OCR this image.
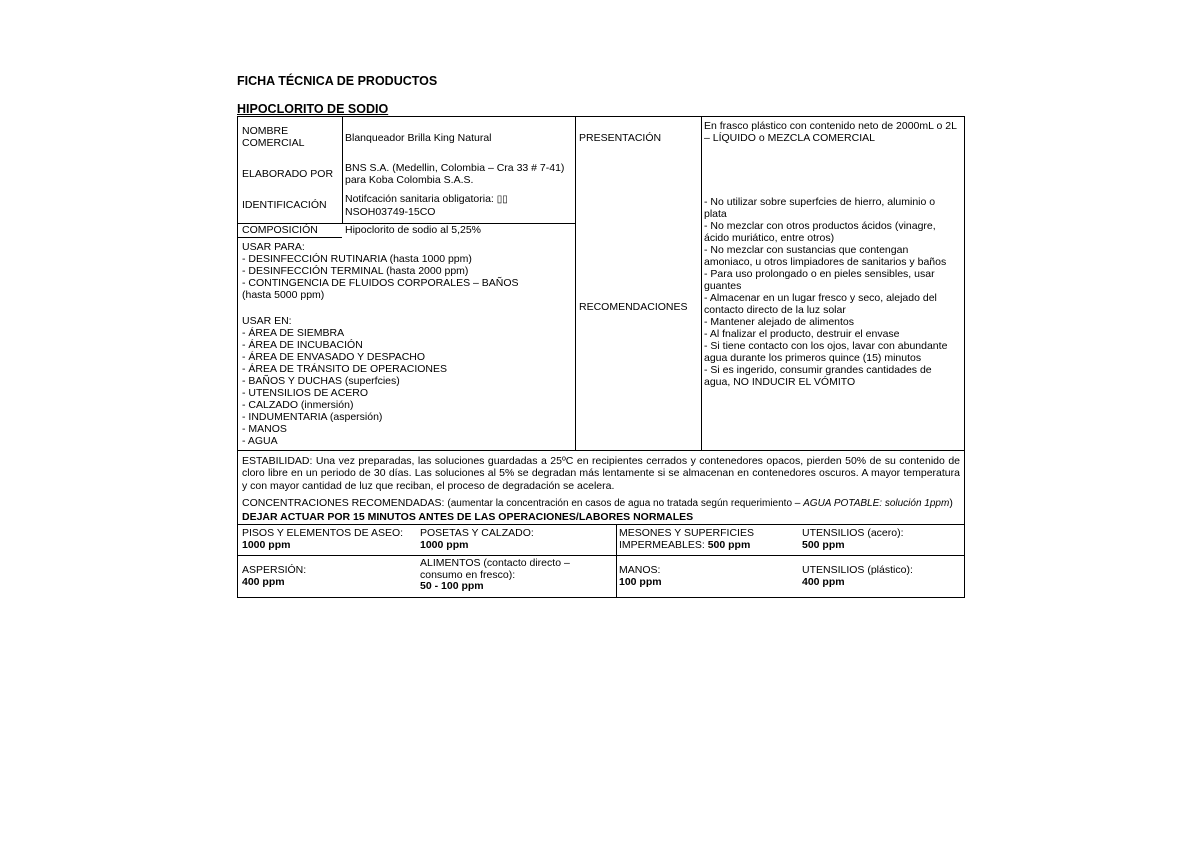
FICHA TÉCNICA DE PRODUCTOS
HIPOCLORITO DE SODIO
NOMBRE COMERCIAL	Blanqueador Brilla King Natural
ELABORADO POR	BNS S.A. (Medellin, Colombia – Cra 33 # 7-41) para Koba Colombia S.A.S.
IDENTIFICACIÓN	Notifcación sanitaria obligatoria: ▯▯
NSOH03749-15CO
COMPOSICIÓN	Hipoclorito de sodio al 5,25%
USAR PARA:
- DESINFECCIÓN RUTINARIA (hasta 1000 ppm)
- DESINFECCIÓN TERMINAL (hasta 2000 ppm)
- CONTINGENCIA DE FLUIDOS CORPORALES – BAÑOS
(hasta 5000 ppm)
USAR EN:
- ÁREA DE SIEMBRA
- ÁREA DE INCUBACIÓN
- ÁREA DE ENVASADO Y DESPACHO
- ÁREA DE TRÁNSITO DE OPERACIONES
- BAÑOS Y DUCHAS (superfcies)
- UTENSILIOS DE ACERO
- CALZADO (inmersión)
- INDUMENTARIA (aspersión)
- MANOS
- AGUA
PRESENTACIÓN
En frasco plástico con contenido neto de 2000mL o 2L – LÍQUIDO o MEZCLA COMERCIAL
RECOMENDACIONES
- No utilizar sobre superfcies de hierro, aluminio o plata
- No mezclar con otros productos ácidos (vinagre, ácido muriático, entre otros)
- No mezclar con sustancias que contengan amoniaco, u otros limpiadores de sanitarios y baños
- Para uso prolongado o en pieles sensibles, usar guantes
- Almacenar en un lugar fresco y seco, alejado del contacto directo de la luz solar
- Mantener alejado de alimentos
- Al fnalizar el producto, destruir el envase
- Si tiene contacto con los ojos, lavar con abundante agua durante los primeros quince (15) minutos
- Si es ingerido, consumir grandes cantidades de agua, NO INDUCIR EL VÓMITO
ESTABILIDAD: Una vez preparadas, las soluciones guardadas a 25ºC en recipientes cerrados y contenedores opacos, pierden 50% de su contenido de cloro libre en un periodo de 30 días. Las soluciones al 5% se degradan más lentamente si se almacenan en contenedores oscuros. A mayor temperatura y con mayor cantidad de luz que reciban, el proceso de degradación se acelera.
CONCENTRACIONES RECOMENDADAS: (aumentar la concentración en casos de agua no tratada según requerimiento – AGUA POTABLE: solución 1ppm) DEJAR ACTUAR POR 15 MINUTOS ANTES DE LAS OPERACIONES/LABORES NORMALES
PISOS Y ELEMENTOS DE ASEO:
1000 ppm
POSETAS Y CALZADO:
1000 ppm
MESONES Y SUPERFICIES IMPERMEABLES: 500 ppm
UTENSILIOS (acero):
500 ppm
ASPERSIÓN:
400 ppm
ALIMENTOS (contacto directo – consumo en fresco):
50 - 100 ppm
MANOS:
100 ppm
UTENSILIOS (plástico):
400 ppm
